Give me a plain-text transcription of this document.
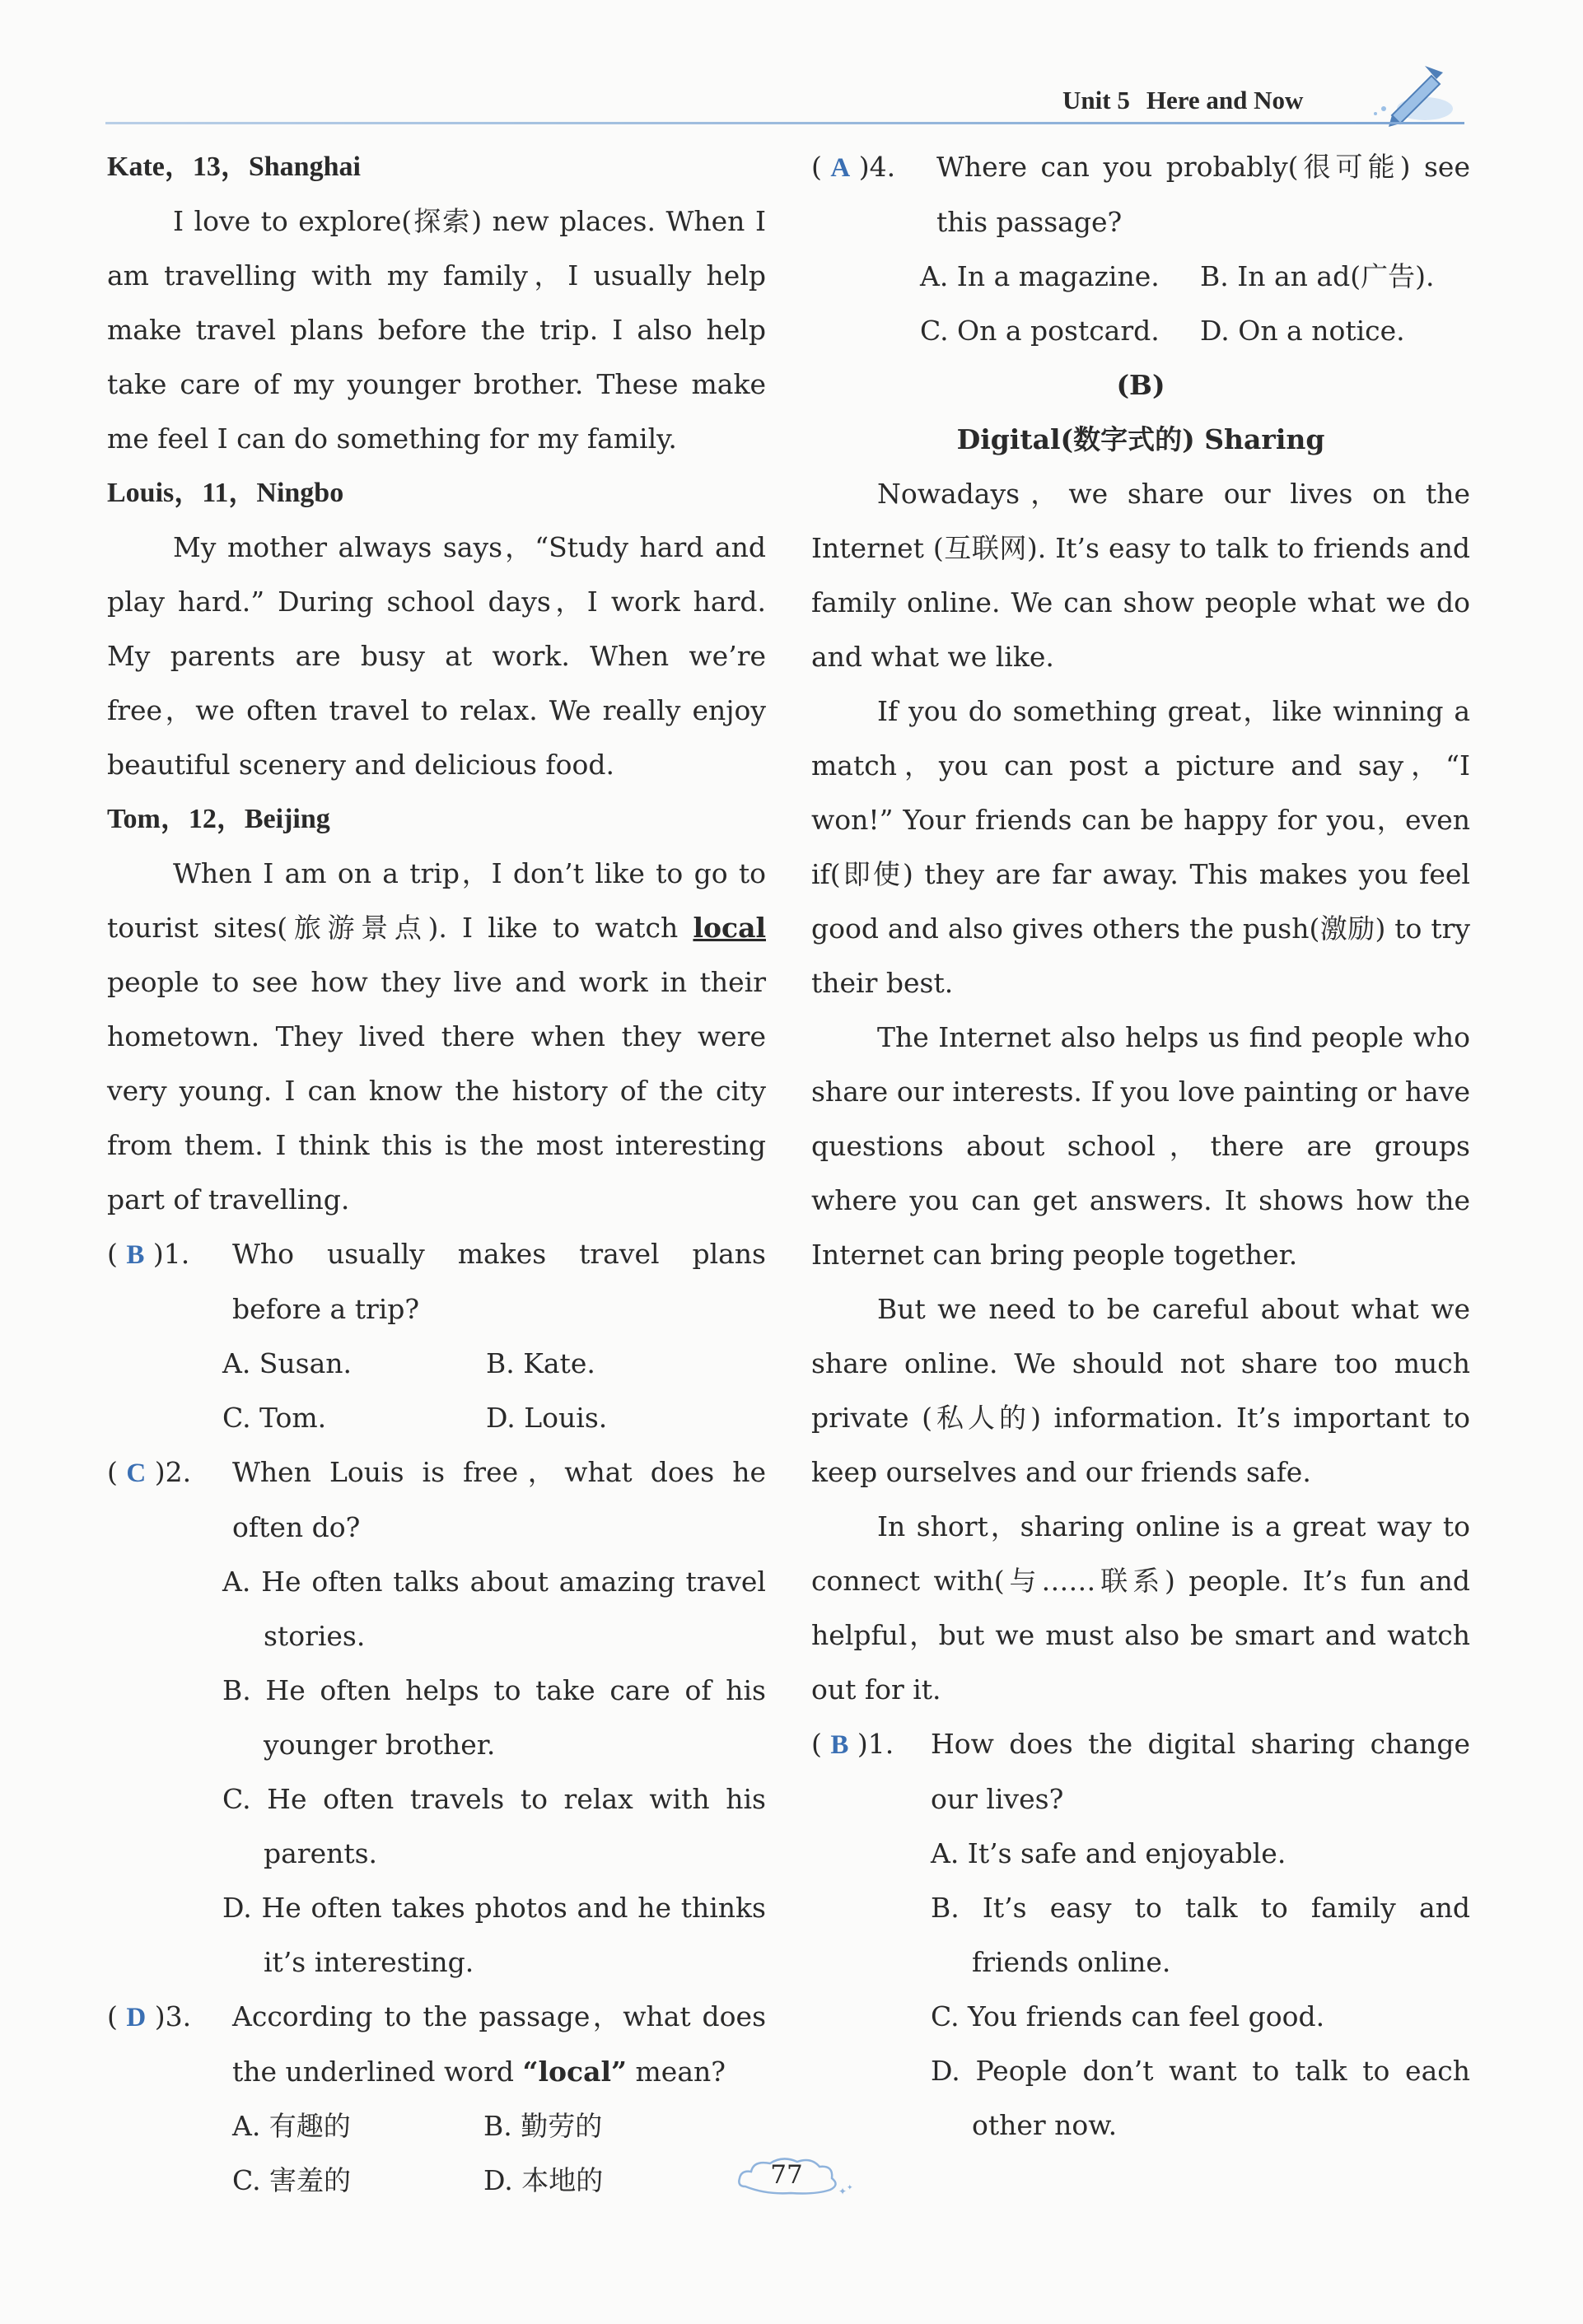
Unit 5 Here and Now
Kate，13，Shanghai

I love to explore(探索) new places. When I am travelling with my family，I usually help make travel plans before the trip. I also help take care of my younger brother. These make me feel I can do something for my family.

Louis，11，Ningbo

My mother always says，“Study hard and play hard.” During school days，I work hard. My parents are busy at work. When we’re free，we often travel to relax. We really enjoy beautiful scenery and delicious food.

Tom，12，Beijing

When I am on a trip，I don’t like to go to tourist sites(旅游景点). I like to watch local people to see how they live and work in their hometown. They lived there when they were very young. I can know the history of the city from them. I think this is the most interesting part of travelling.

( B )1. Who usually makes travel plans before a trip?
A. Susan.	B. Kate.
C. Tom.	D. Louis.
( C )2. When Louis is free，what does he often do?
A. He often talks about amazing travel stories.
B. He often helps to take care of his younger brother.
C. He often travels to relax with his parents.
D. He often takes photos and he thinks it’s interesting.
( D )3. According to the passage，what does the underlined word “local” mean?
A. 有趣的	B. 勤劳的
C. 害羞的	D. 本地的
( A )4. Where can you probably(很可能) see this passage?
A. In a magazine.	B. In an ad(广告).
C. On a postcard.	D. On a notice.
(B)
Digital(数字式的) Sharing

Nowadays，we share our lives on the Internet (互联网). It’s easy to talk to friends and family online. We can show people what we do and what we like.

If you do something great，like winning a match，you can post a picture and say，“I won!” Your friends can be happy for you，even if(即使) they are far away. This makes you feel good and also gives others the push(激励) to try their best.

The Internet also helps us find people who share our interests. If you love painting or have questions about school，there are groups where you can get answers. It shows how the Internet can bring people together.

But we need to be careful about what we share online. We should not share too much private (私人的) information. It’s important to keep ourselves and our friends safe.

In short，sharing online is a great way to connect with(与……联系) people. It’s fun and helpful，but we must also be smart and watch out for it.

( B )1. How does the digital sharing change our lives?
A. It’s safe and enjoyable.
B. It’s easy to talk to family and friends online.
C. You friends can feel good.
D. People don’t want to talk to each other now.
✦ ✦
77
